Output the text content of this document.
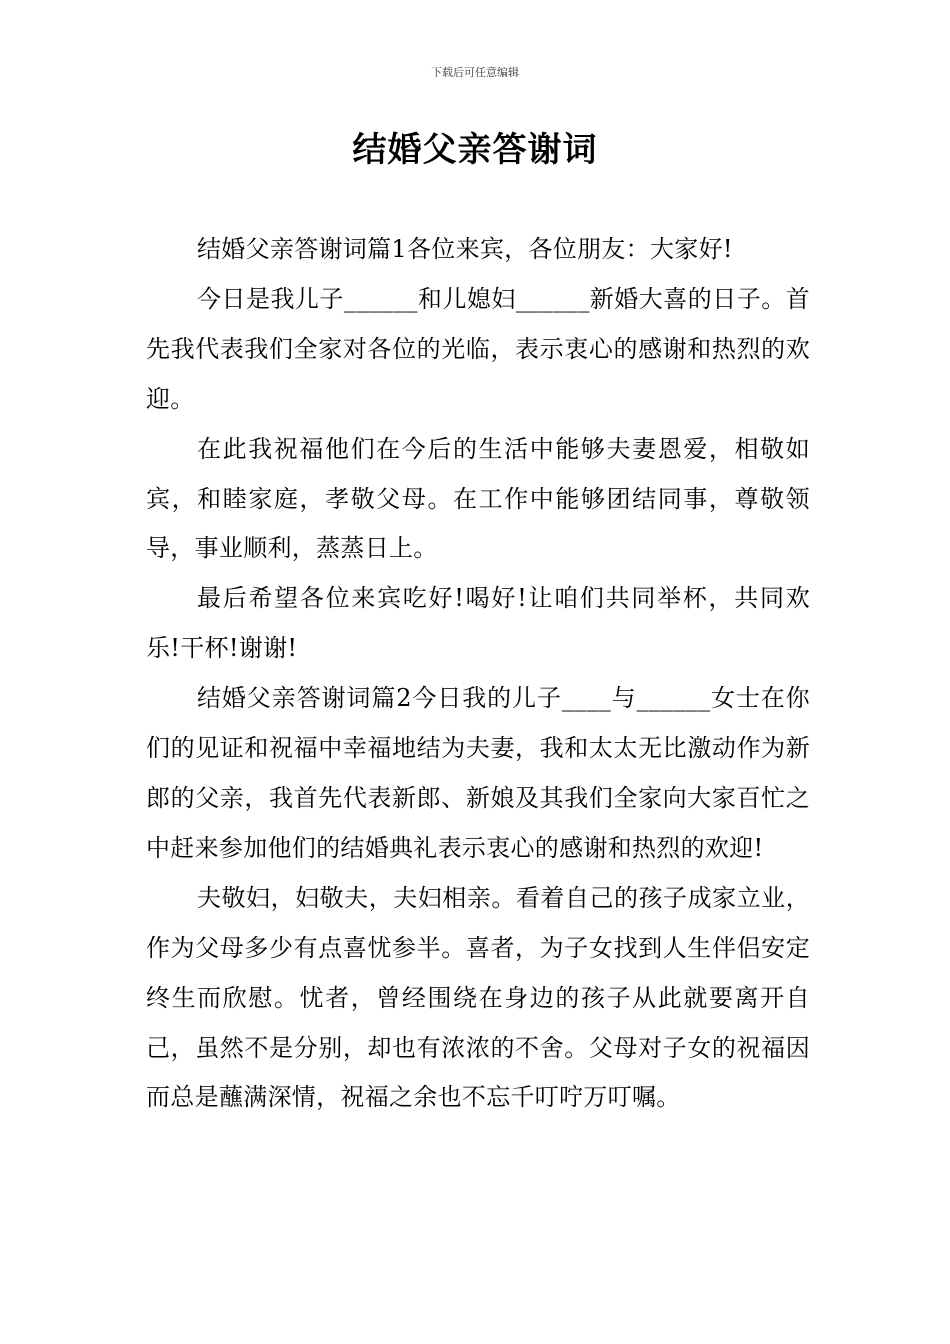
下载后可任意编辑
结婚父亲答谢词

结婚父亲答谢词篇1各位来宾，各位朋友：大家好!

今日是我儿子______和儿媳妇______新婚大喜的日子。首先我代表我们全家对各位的光临，表示衷心的感谢和热烈的欢迎。

在此我祝福他们在今后的生活中能够夫妻恩爱，相敬如宾，和睦家庭，孝敬父母。在工作中能够团结同事，尊敬领导，事业顺利，蒸蒸日上。

最后希望各位来宾吃好!喝好!让咱们共同举杯，共同欢乐!干杯!谢谢!

结婚父亲答谢词篇2今日我的儿子____与______女士在你们的见证和祝福中幸福地结为夫妻，我和太太无比激动作为新郎的父亲，我首先代表新郎、新娘及其我们全家向大家百忙之中赶来参加他们的结婚典礼表示衷心的感谢和热烈的欢迎!

夫敬妇，妇敬夫，夫妇相亲。看着自己的孩子成家立业，作为父母多少有点喜忧参半。喜者，为子女找到人生伴侣安定终生而欣慰。忧者，曾经围绕在身边的孩子从此就要离开自己，虽然不是分别，却也有浓浓的不舍。父母对子女的祝福因而总是蘸满深情，祝福之余也不忘千叮咛万叮嘱。
